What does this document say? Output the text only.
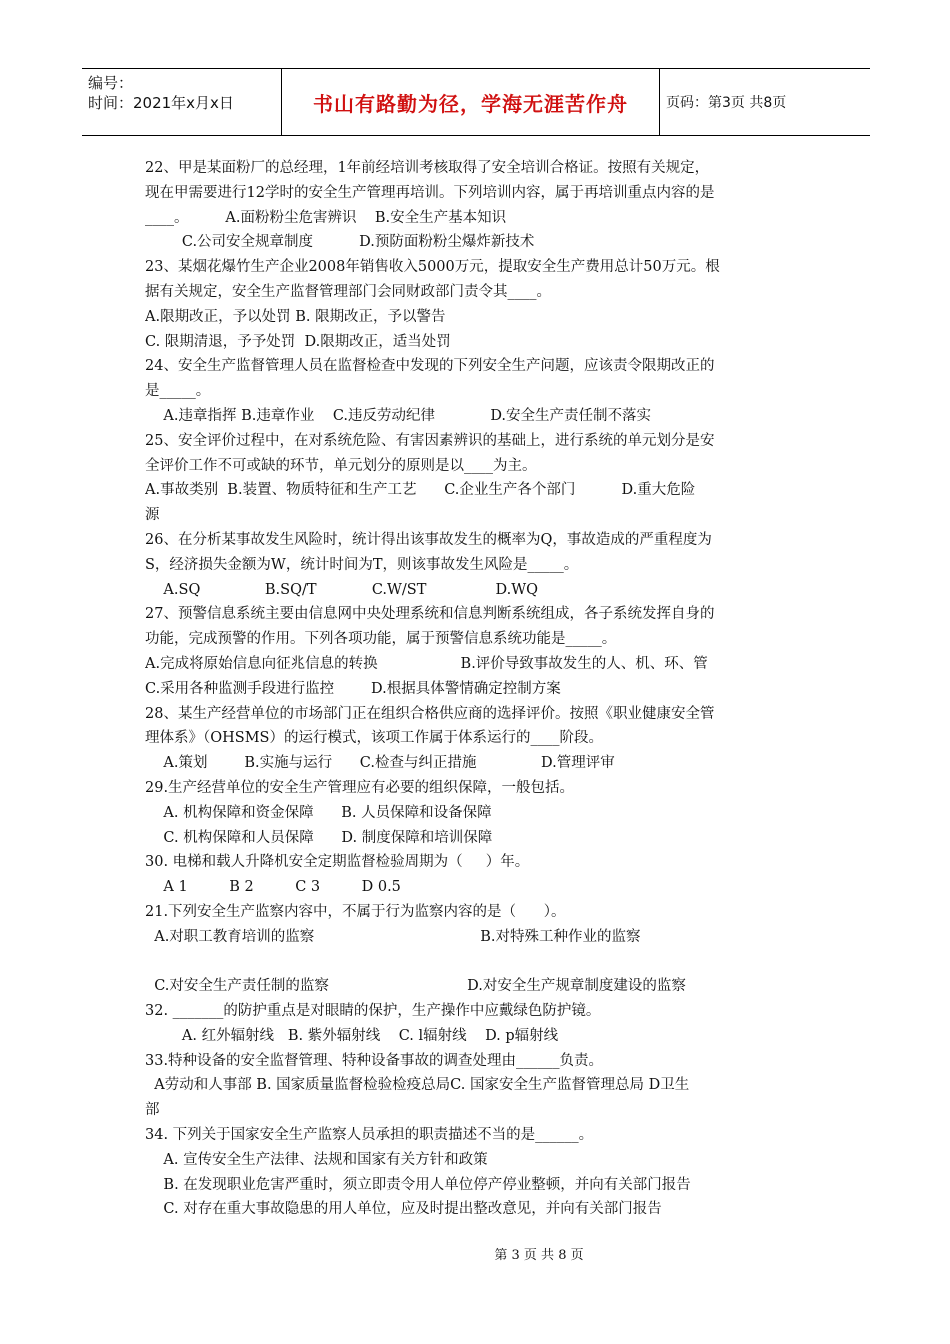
编号：
时间：2021年x月x日	书山有路勤为径，学海无涯苦作舟	页码：第3页 共8页
22、甲是某面粉厂的总经理，1年前经培训考核取得了安全培训合格证。按照有关规定，
现在甲需要进行12学时的安全生产管理再培训。下列培训内容，属于再培训重点内容的是
____。        A.面粉粉尘危害辨识    B.安全生产基本知识
C.公司安全规章制度          D.预防面粉粉尘爆炸新技术
23、某烟花爆竹生产企业2008年销售收入5000万元，提取安全生产费用总计50万元。根
据有关规定，安全生产监督管理部门会同财政部门责令其____。
A.限期改正，予以处罚 B. 限期改正，予以警告
C. 限期清退，予予处罚  D.限期改正，适当处罚
24、安全生产监督管理人员在监督检查中发现的下列安全生产问题，应该责令限期改正的
是_____。
A.违章指挥 B.违章作业    C.违反劳动纪律            D.安全生产责任制不落实
25、安全评价过程中，在对系统危险、有害因素辨识的基础上，进行系统的单元划分是安
全评价工作不可或缺的环节，单元划分的原则是以____为主。
A.事故类别  B.装置、物质特征和生产工艺      C.企业生产各个部门          D.重大危险
源
26、在分析某事故发生风险时，统计得出该事故发生的概率为Q，事故造成的严重程度为
S，经济损失金额为W，统计时间为T，则该事故发生风险是_____。
A.SQ              B.SQ/T            C.W/ST               D.WQ
27、预警信息系统主要由信息网中央处理系统和信息判断系统组成，各子系统发挥自身的
功能，完成预警的作用。下列各项功能，属于预警信息系统功能是_____。
A.完成将原始信息向征兆信息的转换                  B.评价导致事故发生的人、机、环、管
C.采用各种监测手段进行监控        D.根据具体警情确定控制方案
28、某生产经营单位的市场部门正在组织合格供应商的选择评价。按照《职业健康安全管
理体系》（OHSMS）的运行模式，该项工作属于体系运行的____阶段。
A.策划        B.实施与运行      C.检查与纠正措施              D.管理评审
29.生产经营单位的安全生产管理应有必要的组织保障，一般包括。
A. 机构保障和资金保障      B. 人员保障和设备保障
C. 机构保障和人员保障      D. 制度保障和培训保障
30. 电梯和载人升降机安全定期监督检验周期为（     ）年。
A 1         B 2         C 3         D 0.5
21.下列安全生产监察内容中，不属于行为监察内容的是（      ）。
A.对职工教育培训的监察                                    B.对特殊工种作业的监察
C.对安全生产责任制的监察                              D.对安全生产规章制度建设的监察
32. _______的防护重点是对眼睛的保护，生产操作中应戴绿色防护镜。
A. 红外辐射线   B. 紫外辐射线    C. l辐射线    D. p辐射线
33.特种设备的安全监督管理、特种设备事故的调查处理由______负责。
A劳动和人事部 B. 国家质量监督检验检疫总局C. 国家安全生产监督管理总局 D卫生
部
34. 下列关于国家安全生产监察人员承担的职责描述不当的是______。
A. 宣传安全生产法律、法规和国家有关方针和政策
B. 在发现职业危害严重时，须立即责令用人单位停产停业整顿，并向有关部门报告
C. 对存在重大事故隐患的用人单位，应及时提出整改意见，并向有关部门报告
第 3 页 共 8 页
